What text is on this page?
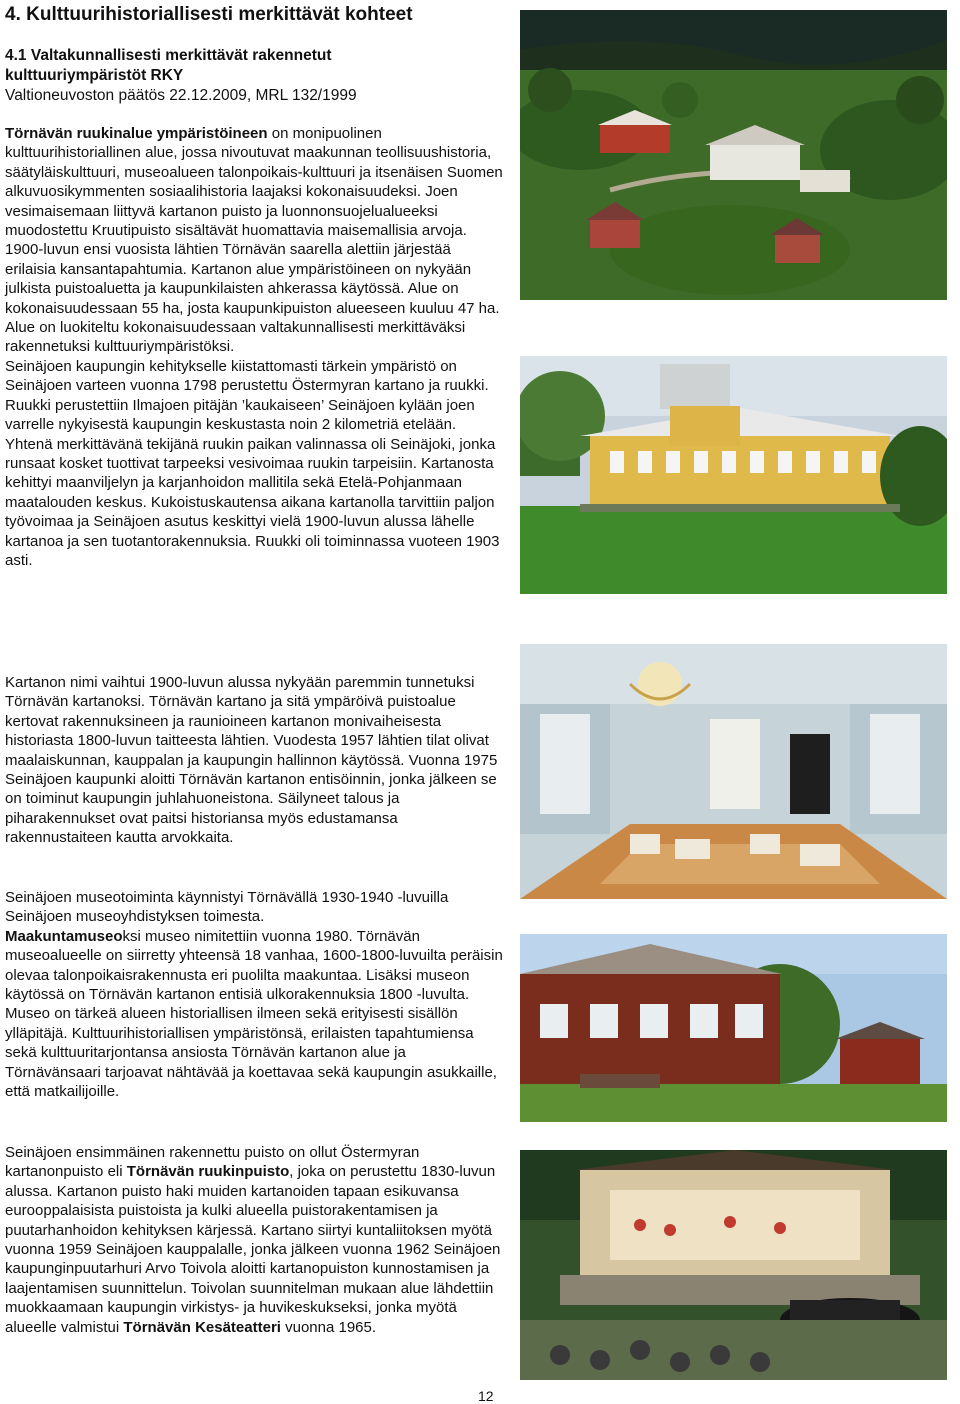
4. Kulttuurihistoriallisesti merkittävät kohteet
4.1 Valtakunnallisesti merkittävät rakennetut
kulttuuriympäristöt RKY
Valtioneuvoston päätös 22.12.2009, MRL 132/1999

Törnävän ruukinalue ympäristöineen on monipuolinen kulttuurihistoriallinen alue, jossa nivoutuvat maakunnan teollisuushistoria, säätyläiskulttuuri, museoalueen talonpoikais-kulttuuri ja itsenäisen Suomen alkuvuosikymmenten sosiaalihistoria laajaksi kokonaisuudeksi. Joen vesimaisemaan liittyvä kartanon puisto ja luonnonsuojelualueeksi muodostettu Kruutipuisto sisältävät huomattavia maisemallisia arvoja. 1900-luvun ensi vuosista lähtien Törnävän saarella alettiin järjestää erilaisia kansantapahtumia. Kartanon alue ympäristöineen on nykyään julkista puistoaluetta ja kaupunkilaisten ahkerassa käytössä. Alue on kokonaisuudessaan 55 ha, josta kaupunkipuiston alueeseen kuuluu 47 ha. Alue on luokiteltu kokonaisuudessaan valtakunnallisesti merkittäväksi rakennetuksi kulttuuriympäristöksi.

Seinäjoen kaupungin kehitykselle kiistattomasti tärkein ympäristö on Seinäjoen varteen vuonna 1798 perustettu Östermyran kartano ja ruukki. Ruukki perustettiin Ilmajoen pitäjän ’kaukaiseen’ Seinäjoen kylään joen varrelle nykyisestä kaupungin keskustasta noin 2 kilometriä etelään. Yhtenä merkittävänä tekijänä ruukin paikan valinnassa oli Seinäjoki, jonka runsaat kosket tuottivat tarpeeksi vesivoimaa ruukin tarpeisiin. Kartanosta kehittyi maanviljelyn ja karjanhoidon mallitila sekä Etelä-Pohjanmaan maatalouden keskus. Kukoistuskautensa aikana kartanolla tarvittiin paljon työvoimaa ja Seinäjoen asutus keskittyi vielä 1900-luvun alussa lähelle kartanoa ja sen tuotantorakennuksia. Ruukki oli toiminnassa vuoteen 1903 asti.

Kartanon nimi vaihtui 1900-luvun alussa nykyään paremmin tunnetuksi Törnävän kartanoksi. Törnävän kartano ja sitä ympäröivä puistoalue kertovat rakennuksineen ja raunioineen kartanon monivaiheisesta historiasta 1800-luvun taitteesta lähtien. Vuodesta 1957 lähtien tilat olivat maalaiskunnan, kauppalan ja kaupungin hallinnon käytössä. Vuonna 1975 Seinäjoen kaupunki aloitti Törnävän kartanon entisöinnin, jonka jälkeen se on toiminut kaupungin juhlahuoneistona. Säilyneet talous ja piharakennukset ovat paitsi historiansa myös edustamansa rakennustaiteen kautta arvokkaita.

Seinäjoen museotoiminta käynnistyi Törnävällä 1930-1940 -luvuilla Seinäjoen museoyhdistyksen toimesta.

Maakuntamuseoksi museo nimitettiin vuonna 1980. Törnävän museoalueelle on siirretty yhteensä 18 vanhaa, 1600-1800-luvuilta peräisin olevaa talonpoikaisrakennusta eri puolilta maakuntaa. Lisäksi museon käytössä on Törnävän kartanon entisiä ulkorakennuksia 1800 -luvulta. Museo on tärkeä alueen historiallisen ilmeen sekä erityisesti sisällön ylläpitäjä. Kulttuurihistoriallisen ympäristönsä, erilaisten tapahtumiensa sekä kulttuuritarjontansa ansiosta Törnävän kartanon alue ja Törnävänsaari tarjoavat nähtävää ja koettavaa sekä kaupungin asukkaille, että matkailijoille.

Seinäjoen ensimmäinen rakennettu puisto on ollut Östermyran kartanonpuisto eli Törnävän ruukinpuisto, joka on perustettu 1830-luvun alussa. Kartanon puisto haki muiden kartanoiden tapaan esikuvansa eurooppalaisista puistoista ja kulki alueella puistorakentamisen ja puutarhanhoidon kehityksen kärjessä. Kartano siirtyi kuntaliitoksen myötä vuonna 1959 Seinäjoen kauppalalle, jonka jälkeen vuonna 1962 Seinäjoen kaupunginpuutarhuri Arvo Toivola aloitti kartanopuiston kunnostamisen ja laajentamisen suunnittelun. Toivolan suunnitelman mukaan alue lähdettiin muokkaamaan kaupungin virkistys- ja huvikeskukseksi, jonka myötä alueelle valmistui Törnävän Kesäteatteri vuonna 1965.

12
